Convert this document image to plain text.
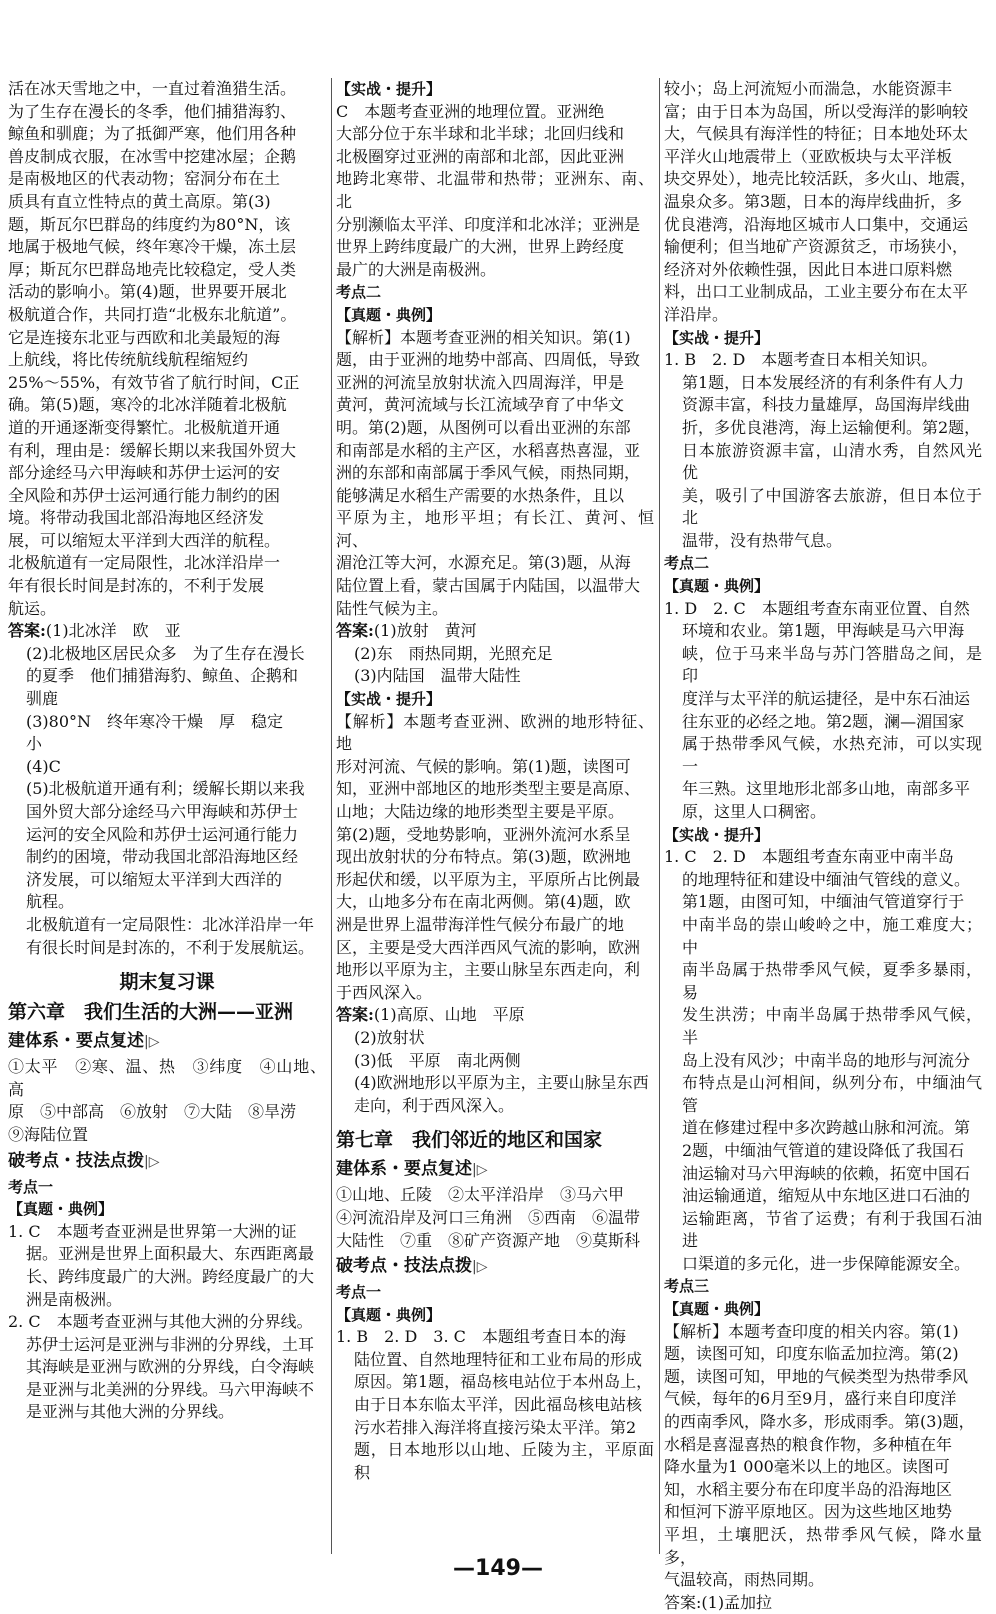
活在冰天雪地之中，一直过着渔猎生活。
为了生存在漫长的冬季，他们捕猎海豹、
鲸鱼和驯鹿；为了抵御严寒，他们用各种
兽皮制成衣服，在冰雪中挖建冰屋；企鹅
是南极地区的代表动物；窑洞分布在土
质具有直立性特点的黄土高原。第(3)
题，斯瓦尔巴群岛的纬度约为80°N，该
地属于极地气候，终年寒冷干燥，冻土层
厚；斯瓦尔巴群岛地壳比较稳定，受人类
活动的影响小。第(4)题，世界要开展北
极航道合作，共同打造“北极东北航道”。
它是连接东北亚与西欧和北美最短的海
上航线，将比传统航线航程缩短约
25%～55%，有效节省了航行时间，C正
确。第(5)题，寒冷的北冰洋随着北极航
道的开通逐渐变得繁忙。北极航道开通
有利，理由是：缓解长期以来我国外贸大
部分途经马六甲海峡和苏伊士运河的安
全风险和苏伊士运河通行能力制约的困
境。将带动我国北部沿海地区经济发
展，可以缩短太平洋到大西洋的航程。
北极航道有一定局限性，北冰洋沿岸一
年有很长时间是封冻的，不利于发展
航运。
答案:(1)北冰洋　欧　亚
(2)北极地区居民众多　为了生存在漫长
的夏季　他们捕猎海豹、鲸鱼、企鹅和
驯鹿
(3)80°N　终年寒冷干燥　厚　稳定
小
(4)C
(5)北极航道开通有利；缓解长期以来我
国外贸大部分途经马六甲海峡和苏伊士
运河的安全风险和苏伊士运河通行能力
制约的困境，带动我国北部沿海地区经
济发展，可以缩短太平洋到大西洋的
航程。
北极航道有一定局限性：北冰洋沿岸一年
有很长时间是封冻的，不利于发展航运。
期末复习课
第六章　我们生活的大洲——亚洲
建体系・要点复述|▷
①太平　②寒、温、热　③纬度　④山地、高
原　⑤中部高　⑥放射　⑦大陆　⑧旱涝
⑨海陆位置
破考点・技法点拨|▷
考点一
【真题・典例】
1. C　本题考查亚洲是世界第一大洲的证
据。亚洲是世界上面积最大、东西距离最
长、跨纬度最广的大洲。跨经度最广的大
洲是南极洲。
2. C　本题考查亚洲与其他大洲的分界线。
苏伊士运河是亚洲与非洲的分界线，土耳
其海峡是亚洲与欧洲的分界线，白令海峡
是亚洲与北美洲的分界线。马六甲海峡不
是亚洲与其他大洲的分界线。
【实战・提升】
C　本题考查亚洲的地理位置。亚洲绝
大部分位于东半球和北半球；北回归线和
北极圈穿过亚洲的南部和北部，因此亚洲
地跨北寒带、北温带和热带；亚洲东、南、北
分别濒临太平洋、印度洋和北冰洋；亚洲是
世界上跨纬度最广的大洲，世界上跨经度
最广的大洲是南极洲。
考点二
【真题・典例】
【解析】本题考查亚洲的相关知识。第(1)
题，由于亚洲的地势中部高、四周低，导致
亚洲的河流呈放射状流入四周海洋，甲是
黄河，黄河流域与长江流域孕育了中华文
明。第(2)题，从图例可以看出亚洲的东部
和南部是水稻的主产区，水稻喜热喜湿，亚
洲的东部和南部属于季风气候，雨热同期，
能够满足水稻生产需要的水热条件，且以
平原为主，地形平坦；有长江、黄河、恒河、
湄沧江等大河，水源充足。第(3)题，从海
陆位置上看，蒙古国属于内陆国，以温带大
陆性气候为主。
答案:(1)放射　黄河
(2)东　雨热同期，光照充足
(3)内陆国　温带大陆性
【实战・提升】
【解析】本题考查亚洲、欧洲的地形特征、地
形对河流、气候的影响。第(1)题，读图可
知，亚洲中部地区的地形类型主要是高原、
山地；大陆边缘的地形类型主要是平原。
第(2)题，受地势影响，亚洲外流河水系呈
现出放射状的分布特点。第(3)题，欧洲地
形起伏和缓，以平原为主，平原所占比例最
大，山地多分布在南北两侧。第(4)题，欧
洲是世界上温带海洋性气候分布最广的地
区，主要是受大西洋西风气流的影响，欧洲
地形以平原为主，主要山脉呈东西走向，利
于西风深入。
答案:(1)高原、山地　平原
(2)放射状
(3)低　平原　南北两侧
(4)欧洲地形以平原为主，主要山脉呈东西
走向，利于西风深入。
第七章　我们邻近的地区和国家
建体系・要点复述|▷
①山地、丘陵　②太平洋沿岸　③马六甲
④河流沿岸及河口三角洲　⑤西南　⑥温带
大陆性　⑦重　⑧矿产资源产地　⑨莫斯科
破考点・技法点拨|▷
考点一
【真题・典例】
1. B　2. D　3. C　本题组考查日本的海
陆位置、自然地理特征和工业布局的形成
原因。第1题，福岛核电站位于本州岛上，
由于日本东临太平洋，因此福岛核电站核
污水若排入海洋将直接污染太平洋。第2
题，日本地形以山地、丘陵为主，平原面积
较小；岛上河流短小而湍急，水能资源丰
富；由于日本为岛国，所以受海洋的影响较
大，气候具有海洋性的特征；日本地处环太
平洋火山地震带上（亚欧板块与太平洋板
块交界处），地壳比较活跃，多火山、地震，
温泉众多。第3题，日本的海岸线曲折，多
优良港湾，沿海地区城市人口集中，交通运
输便利；但当地矿产资源贫乏，市场狭小，
经济对外依赖性强，因此日本进口原料燃
料，出口工业制成品，工业主要分布在太平
洋沿岸。
【实战・提升】
1. B　2. D　本题考查日本相关知识。
第1题，日本发展经济的有利条件有人力
资源丰富，科技力量雄厚，岛国海岸线曲
折，多优良港湾，海上运输便利。第2题，
日本旅游资源丰富，山清水秀，自然风光优
美，吸引了中国游客去旅游，但日本位于北
温带，没有热带气息。
考点二
【真题・典例】
1. D　2. C　本题组考查东南亚位置、自然
环境和农业。第1题，甲海峡是马六甲海
峡，位于马来半岛与苏门答腊岛之间，是印
度洋与太平洋的航运捷径，是中东石油运
往东亚的必经之地。第2题，澜—湄国家
属于热带季风气候，水热充沛，可以实现一
年三熟。这里地形北部多山地，南部多平
原，这里人口稠密。
【实战・提升】
1. C　2. D　本题组考查东南亚中南半岛
的地理特征和建设中缅油气管线的意义。
第1题，由图可知，中缅油气管道穿行于
中南半岛的崇山峻岭之中，施工难度大；中
南半岛属于热带季风气候，夏季多暴雨，易
发生洪涝；中南半岛属于热带季风气候，半
岛上没有风沙；中南半岛的地形与河流分
布特点是山河相间，纵列分布，中缅油气管
道在修建过程中多次跨越山脉和河流。第
2题，中缅油气管道的建设降低了我国石
油运输对马六甲海峡的依赖，拓宽中国石
油运输通道，缩短从中东地区进口石油的
运输距离，节省了运费；有利于我国石油进
口渠道的多元化，进一步保障能源安全。
考点三
【真题・典例】
【解析】本题考查印度的相关内容。第(1)
题，读图可知，印度东临孟加拉湾。第(2)
题，读图可知，甲地的气候类型为热带季风
气候，每年的6月至9月，盛行来自印度洋
的西南季风，降水多，形成雨季。第(3)题，
水稻是喜湿喜热的粮食作物，多种植在年
降水量为1 000毫米以上的地区。读图可
知，水稻主要分布在印度半岛的沿海地区
和恒河下游平原地区。因为这些地区地势
平坦，土壤肥沃，热带季风气候，降水量多，
气温较高，雨热同期。
答案:(1)孟加拉
—149—
